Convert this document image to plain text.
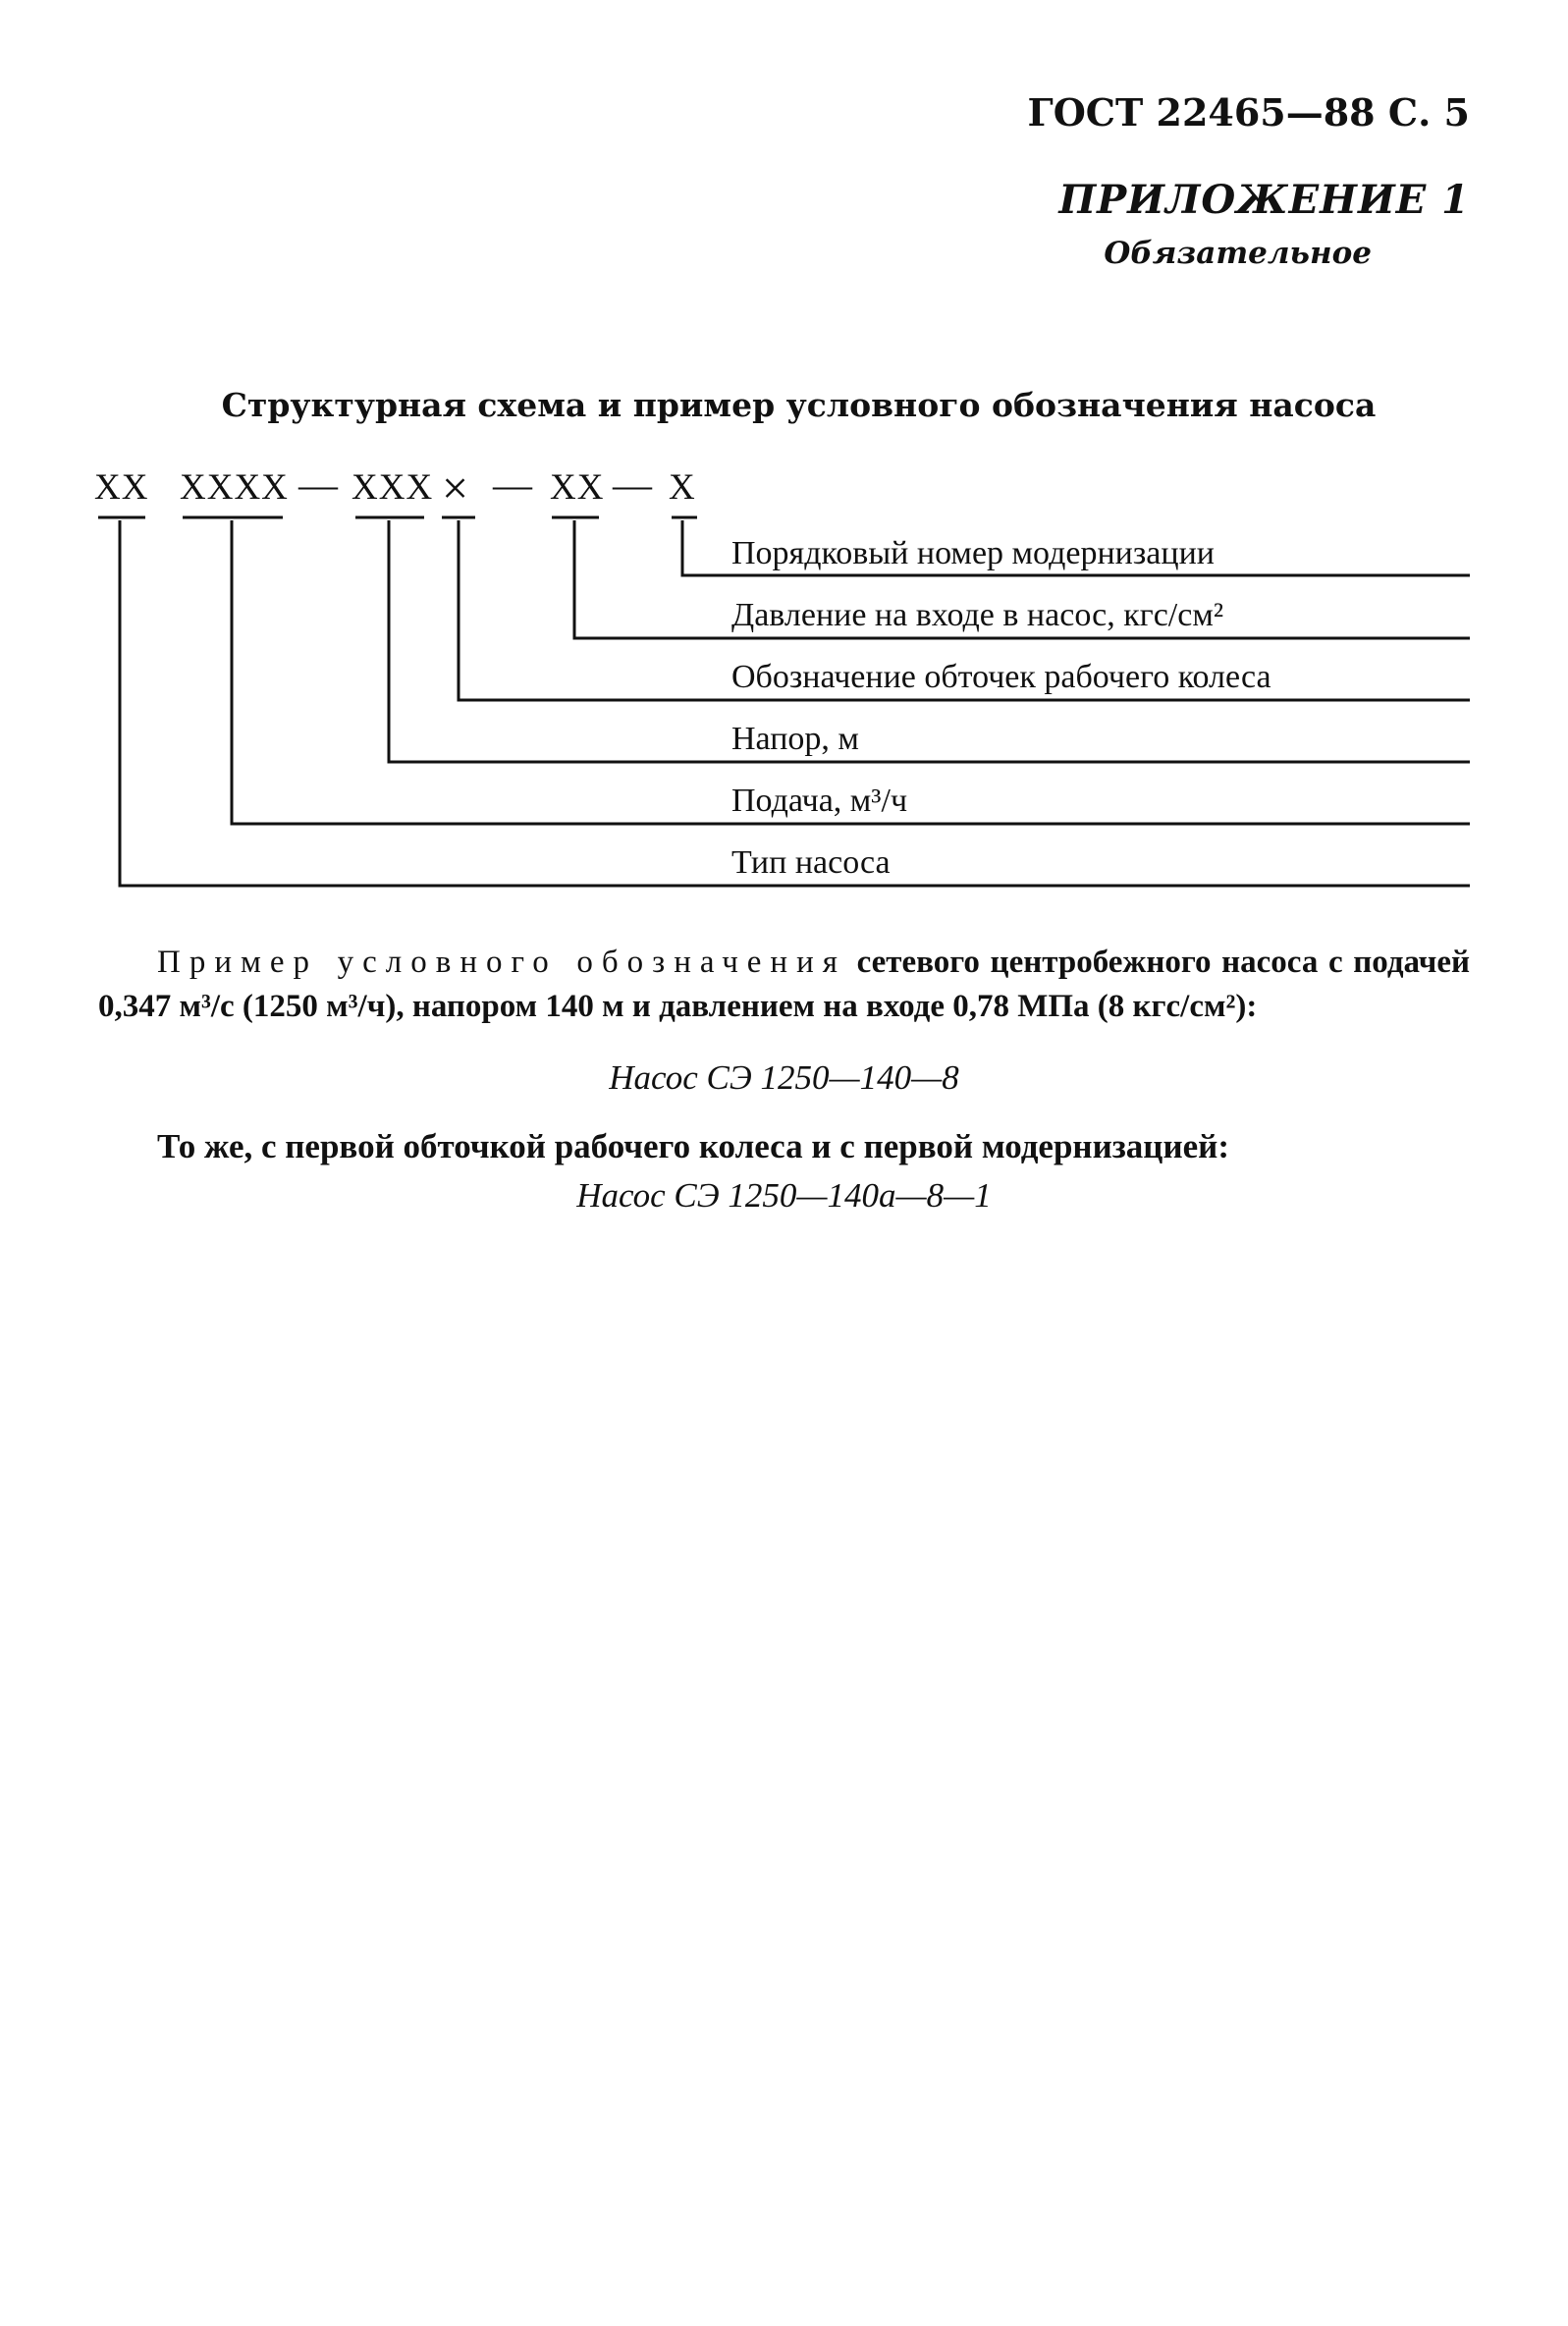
ГОСТ 22465—88 С. 5
ПРИЛОЖЕНИЕ 1
Обязательное
Структурная схема и пример условного обозначения насоса
XX XXXX — XXX × — XX — X
Порядковый номер модернизации
Давление на входе в насос, кгс/см²
Обозначение обточек рабочего колеса
Напор, м
Подача, м³/ч
Тип насоса
Пример условного обозначения сетевого центробежного насоса с подачей 0,347 м³/с (1250 м³/ч), напором 140 м и давлением на входе 0,78 МПа (8 кгс/см²):
Насос СЭ 1250—140—8
То же, с первой обточкой рабочего колеса и с первой модернизацией:
Насос СЭ 1250—140а—8—1
